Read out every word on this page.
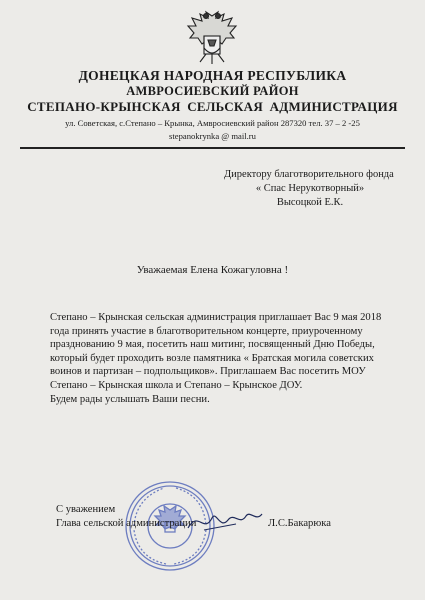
ДОНЕЦКАЯ НАРОДНАЯ РЕСПУБЛИКА
АМВРОСИЕВСКИЙ РАЙОН
СТЕПАНО-КРЫНСКАЯ СЕЛЬСКАЯ АДМИНИСТРАЦИЯ
ул. Советская, с.Степано – Крынка, Амвросиевский район 287320 тел. 37 – 2 -25
stepanokrynka @ mail.ru
Директору благотворительного фонда
« Спас Нерукотворный»
Высоцкой Е.К.
Уважаемая Елена Кожагуловна !
Степано – Крынская сельская администрация приглашает Вас 9 мая 2018
года принять участие в благотворительном концерте, приуроченному
празднованию 9 мая, посетить наш митинг, посвященный Дню Победы,
который будет проходить возле памятника « Братская могила советских
воинов и партизан – подпольщиков». Приглашаем Вас посетить МОУ
Степано – Крынская школа и Степано – Крынское ДОУ.
Будем рады услышать Ваши песни.
С уважением
Глава сельской администрации	Л.С.Бакарюка
